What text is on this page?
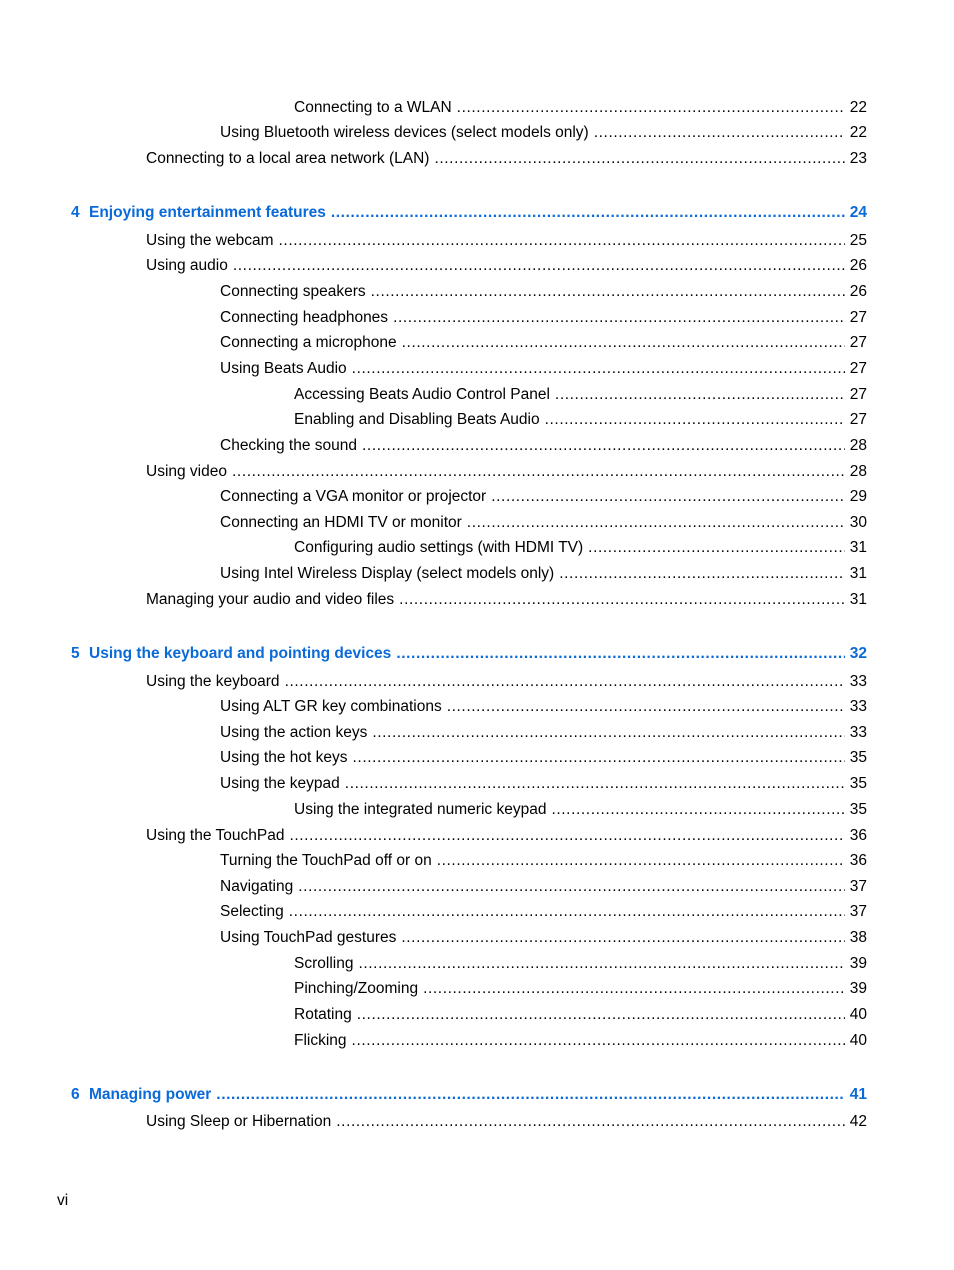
Connecting to a WLAN .....	22
Using Bluetooth wireless devices (select models only) .....	22
Connecting to a local area network (LAN) .....	23
4 Enjoying entertainment features .....	24
Using the webcam .....	25
Using audio .....	26
Connecting speakers .....	26
Connecting headphones .....	27
Connecting a microphone .....	27
Using Beats Audio .....	27
Accessing Beats Audio Control Panel .....	27
Enabling and Disabling Beats Audio .....	27
Checking the sound .....	28
Using video .....	28
Connecting a VGA monitor or projector .....	29
Connecting an HDMI TV or monitor .....	30
Configuring audio settings (with HDMI TV) .....	31
Using Intel Wireless Display (select models only) .....	31
Managing your audio and video files .....	31
5 Using the keyboard and pointing devices .....	32
Using the keyboard .....	33
Using ALT GR key combinations .....	33
Using the action keys .....	33
Using the hot keys .....	35
Using the keypad .....	35
Using the integrated numeric keypad .....	35
Using the TouchPad .....	36
Turning the TouchPad off or on .....	36
Navigating .....	37
Selecting .....	37
Using TouchPad gestures .....	38
Scrolling .....	39
Pinching/Zooming .....	39
Rotating .....	40
Flicking .....	40
6 Managing power .....	41
Using Sleep or Hibernation .....	42
vi
